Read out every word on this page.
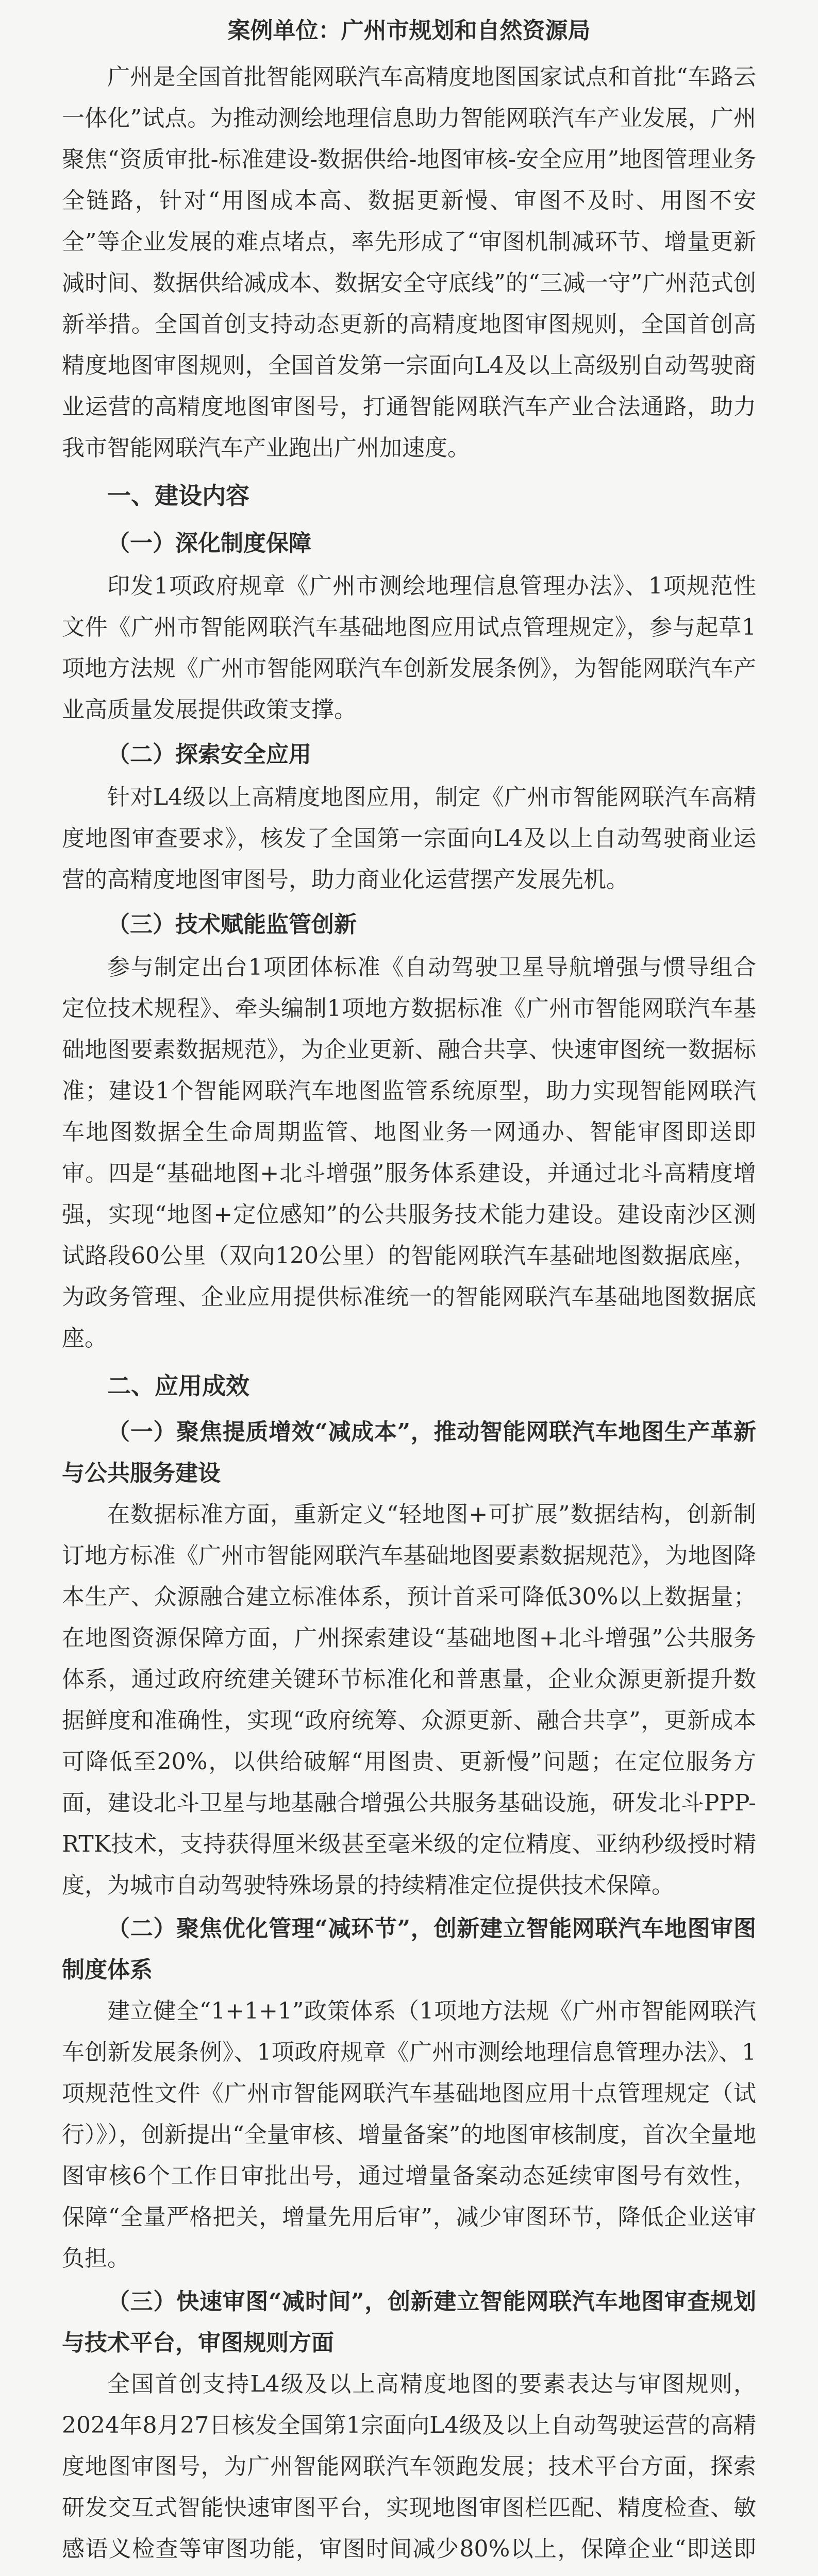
案例单位：广州市规划和自然资源局

广州是全国首批智能网联汽车高精度地图国家试点和首批“车路云一体化”试点。为推动测绘地理信息助力智能网联汽车产业发展，广州聚焦“资质审批-标准建设-数据供给-地图审核-安全应用”地图管理业务全链路，针对“用图成本高、数据更新慢、审图不及时、用图不安全”等企业发展的难点堵点，率先形成了“审图机制减环节、增量更新减时间、数据供给减成本、数据安全守底线”的“三减一守”广州范式创新举措。全国首创支持动态更新的高精度地图审图规则，全国首创高精度地图审图规则，全国首发第一宗面向L4及以上高级别自动驾驶商业运营的高精度地图审图号，打通智能网联汽车产业合法通路，助力我市智能网联汽车产业跑出广州加速度。

一、建设内容
（一）深化制度保障

印发1项政府规章《广州市测绘地理信息管理办法》、1项规范性文件《广州市智能网联汽车基础地图应用试点管理规定》，参与起草1项地方法规《广州市智能网联汽车创新发展条例》，为智能网联汽车产业高质量发展提供政策支撑。

（二）探索安全应用

针对L4级以上高精度地图应用，制定《广州市智能网联汽车高精度地图审查要求》，核发了全国第一宗面向L4及以上自动驾驶商业运营的高精度地图审图号，助力商业化运营摆产发展先机。

（三）技术赋能监管创新

参与制定出台1项团体标准《自动驾驶卫星导航增强与惯导组合定位技术规程》、牵头编制1项地方数据标准《广州市智能网联汽车基础地图要素数据规范》，为企业更新、融合共享、快速审图统一数据标准；建设1个智能网联汽车地图监管系统原型，助力实现智能网联汽车地图数据全生命周期监管、地图业务一网通办、智能审图即送即审。四是“基础地图+北斗增强”服务体系建设，并通过北斗高精度增强，实现“地图+定位感知”的公共服务技术能力建设。建设南沙区测试路段60公里（双向120公里）的智能网联汽车基础地图数据底座，为政务管理、企业应用提供标准统一的智能网联汽车基础地图数据底座。

二、应用成效
（一）聚焦提质增效“减成本”，推动智能网联汽车地图生产革新与公共服务建设

在数据标准方面，重新定义“轻地图+可扩展”数据结构，创新制订地方标准《广州市智能网联汽车基础地图要素数据规范》，为地图降本生产、众源融合建立标准体系，预计首采可降低30%以上数据量；在地图资源保障方面，广州探索建设“基础地图+北斗增强”公共服务体系，通过政府统建关键环节标准化和普惠量，企业众源更新提升数据鲜度和准确性，实现“政府统筹、众源更新、融合共享”，更新成本可降低至20%，以供给破解“用图贵、更新慢”问题；在定位服务方面，建设北斗卫星与地基融合增强公共服务基础设施，研发北斗PPP-RTK技术，支持获得厘米级甚至毫米级的定位精度、亚纳秒级授时精度，为城市自动驾驶特殊场景的持续精准定位提供技术保障。

（二）聚焦优化管理“减环节”，创新建立智能网联汽车地图审图制度体系

建立健全“1+1+1”政策体系（1项地方法规《广州市智能网联汽车创新发展条例》、1项政府规章《广州市测绘地理信息管理办法》、1项规范性文件《广州市智能网联汽车基础地图应用十点管理规定（试行）》），创新提出“全量审核、增量备案”的地图审核制度，首次全量地图审核6个工作日审批出号，通过增量备案动态延续审图号有效性，保障“全量严格把关，增量先用后审”，减少审图环节，降低企业送审负担。

（三）快速审图“减时间”，创新建立智能网联汽车地图审查规划与技术平台，审图规则方面

全国首创支持L4级及以上高精度地图的要素表达与审图规则，2024年8月27日核发全国第1宗面向L4级及以上自动驾驶运营的高精度地图审图号，为广州智能网联汽车领跑发展；技术平台方面，探索研发交互式智能快速审图平台，实现地图审图栏匹配、精度检查、敏感语义检查等审图功能，审图时间减少80%以上，保障企业“即送即
